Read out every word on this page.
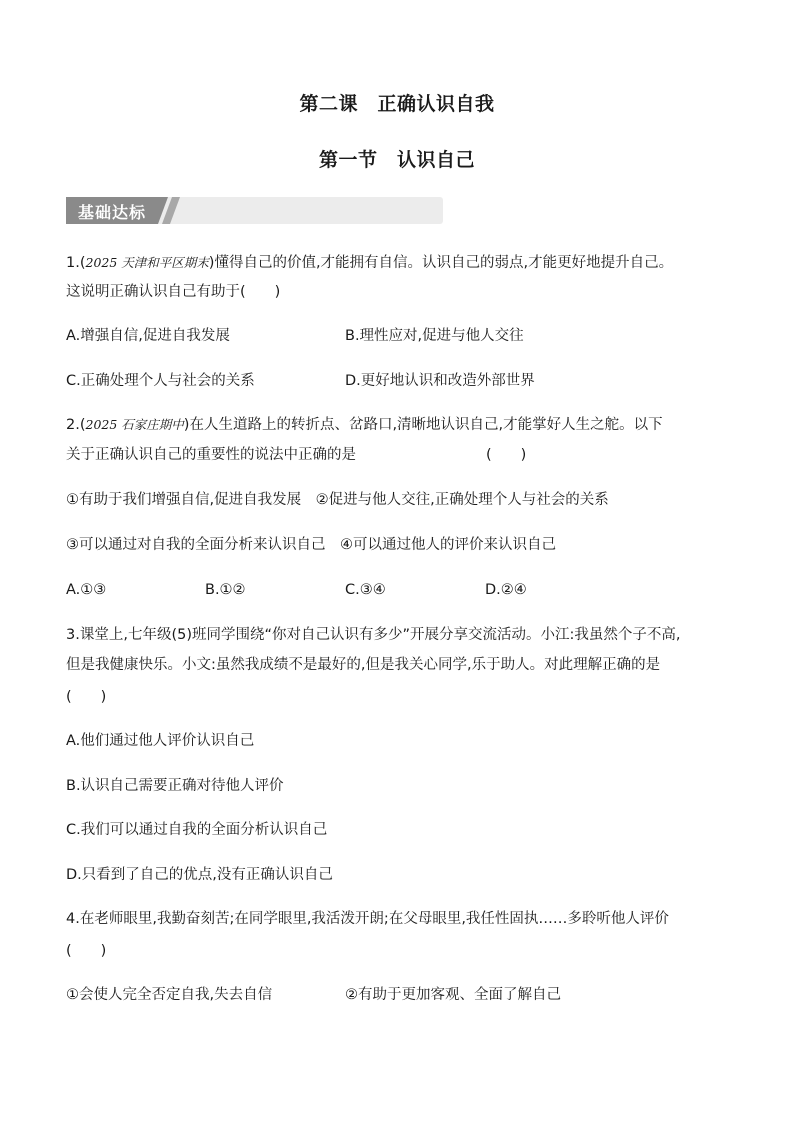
第二课　正确认识自我
第一节　认识自己
基础达标
1.(2025 天津和平区期末)懂得自己的价值,才能拥有自信。认识自己的弱点,才能更好地提升自己。
这说明正确认识自己有助于(　　)
A.增强自信,促进自我发展	B.理性应对,促进与他人交往
C.正确处理个人与社会的关系	D.更好地认识和改造外部世界
2.(2025 石家庄期中)在人生道路上的转折点、岔路口,清晰地认识自己,才能掌好人生之舵。以下
关于正确认识自己的重要性的说法中正确的是	(　　)
①有助于我们增强自信,促进自我发展　②促进与他人交往,正确处理个人与社会的关系
③可以通过对自我的全面分析来认识自己　④可以通过他人的评价来认识自己
A.①③	B.①②	C.③④	D.②④
3.课堂上,七年级(5)班同学围绕“你对自己认识有多少”开展分享交流活动。小江:我虽然个子不高,
但是我健康快乐。小文:虽然我成绩不是最好的,但是我关心同学,乐于助人。对此理解正确的是
(　　)
A.他们通过他人评价认识自己
B.认识自己需要正确对待他人评价
C.我们可以通过自我的全面分析认识自己
D.只看到了自己的优点,没有正确认识自己
4.在老师眼里,我勤奋刻苦;在同学眼里,我活泼开朗;在父母眼里,我任性固执……多聆听他人评价
(　　)
①会使人完全否定自我,失去自信	②有助于更加客观、全面了解自己
